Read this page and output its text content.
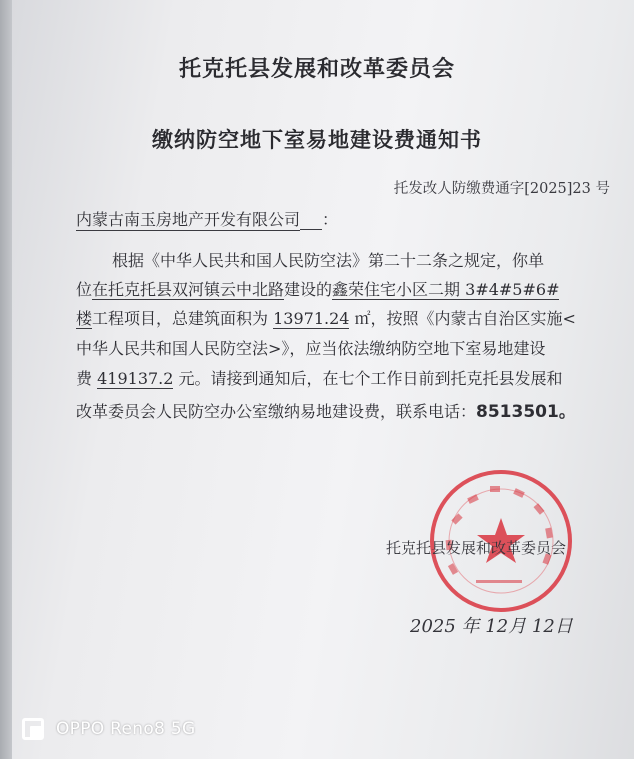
托克托县发展和改革委员会
缴纳防空地下室易地建设费通知书
托发改人防缴费通字[2025]23 号
内蒙古南玉房地产开发有限公司 ：
根据《中华人民共和国人民防空法》第二十二条之规定，你单
位在托克托县双河镇云中北路建设的鑫荣住宅小区二期 3#4#5#6#
楼工程项目，总建筑面积为 13971.24 ㎡，按照《内蒙古自治区实施<
中华人民共和国人民防空法>》，应当依法缴纳防空地下室易地建设
费 419137.2 元。请接到通知后，在七个工作日前到托克托县发展和
改革委员会人民防空办公室缴纳易地建设费，联系电话：8513501。
托克托县发展和改革委员会
2025 年 12月 12日
OPPO Reno8 5G
